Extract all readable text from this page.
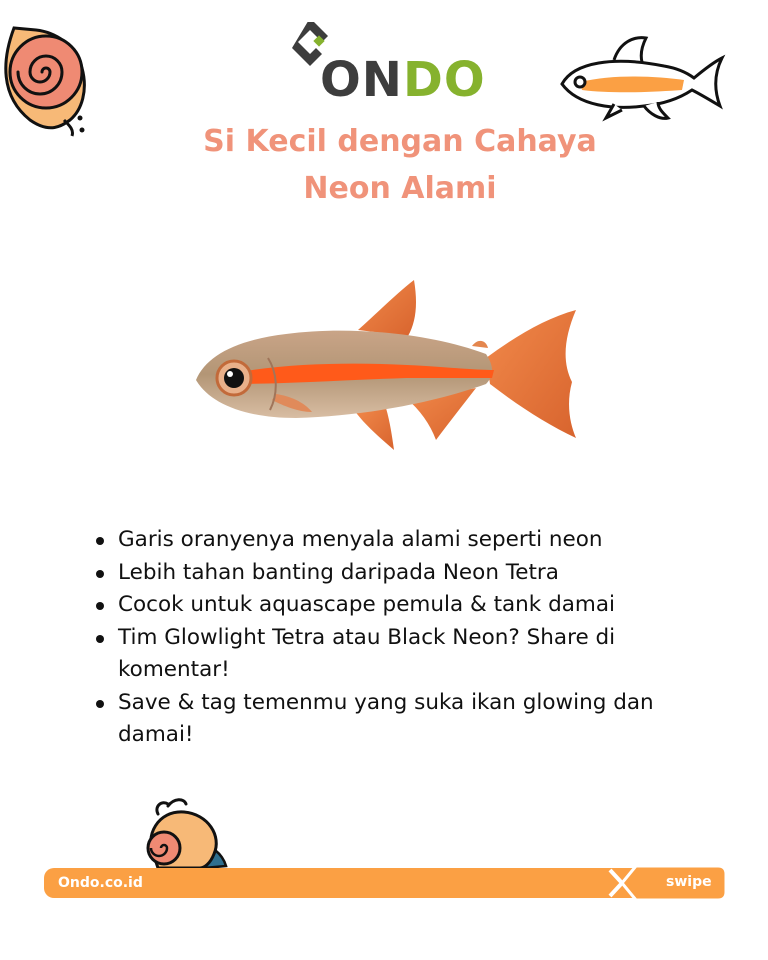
ONDO
Si Kecil dengan Cahaya
Neon Alami
Garis oranyenya menyala alami seperti neon
Lebih tahan banting daripada Neon Tetra
Cocok untuk aquascape pemula & tank damai
Tim Glowlight Tetra atau Black Neon? Share di komentar!
Save & tag temenmu yang suka ikan glowing dan damai!
Ondo.co.id	swipe
